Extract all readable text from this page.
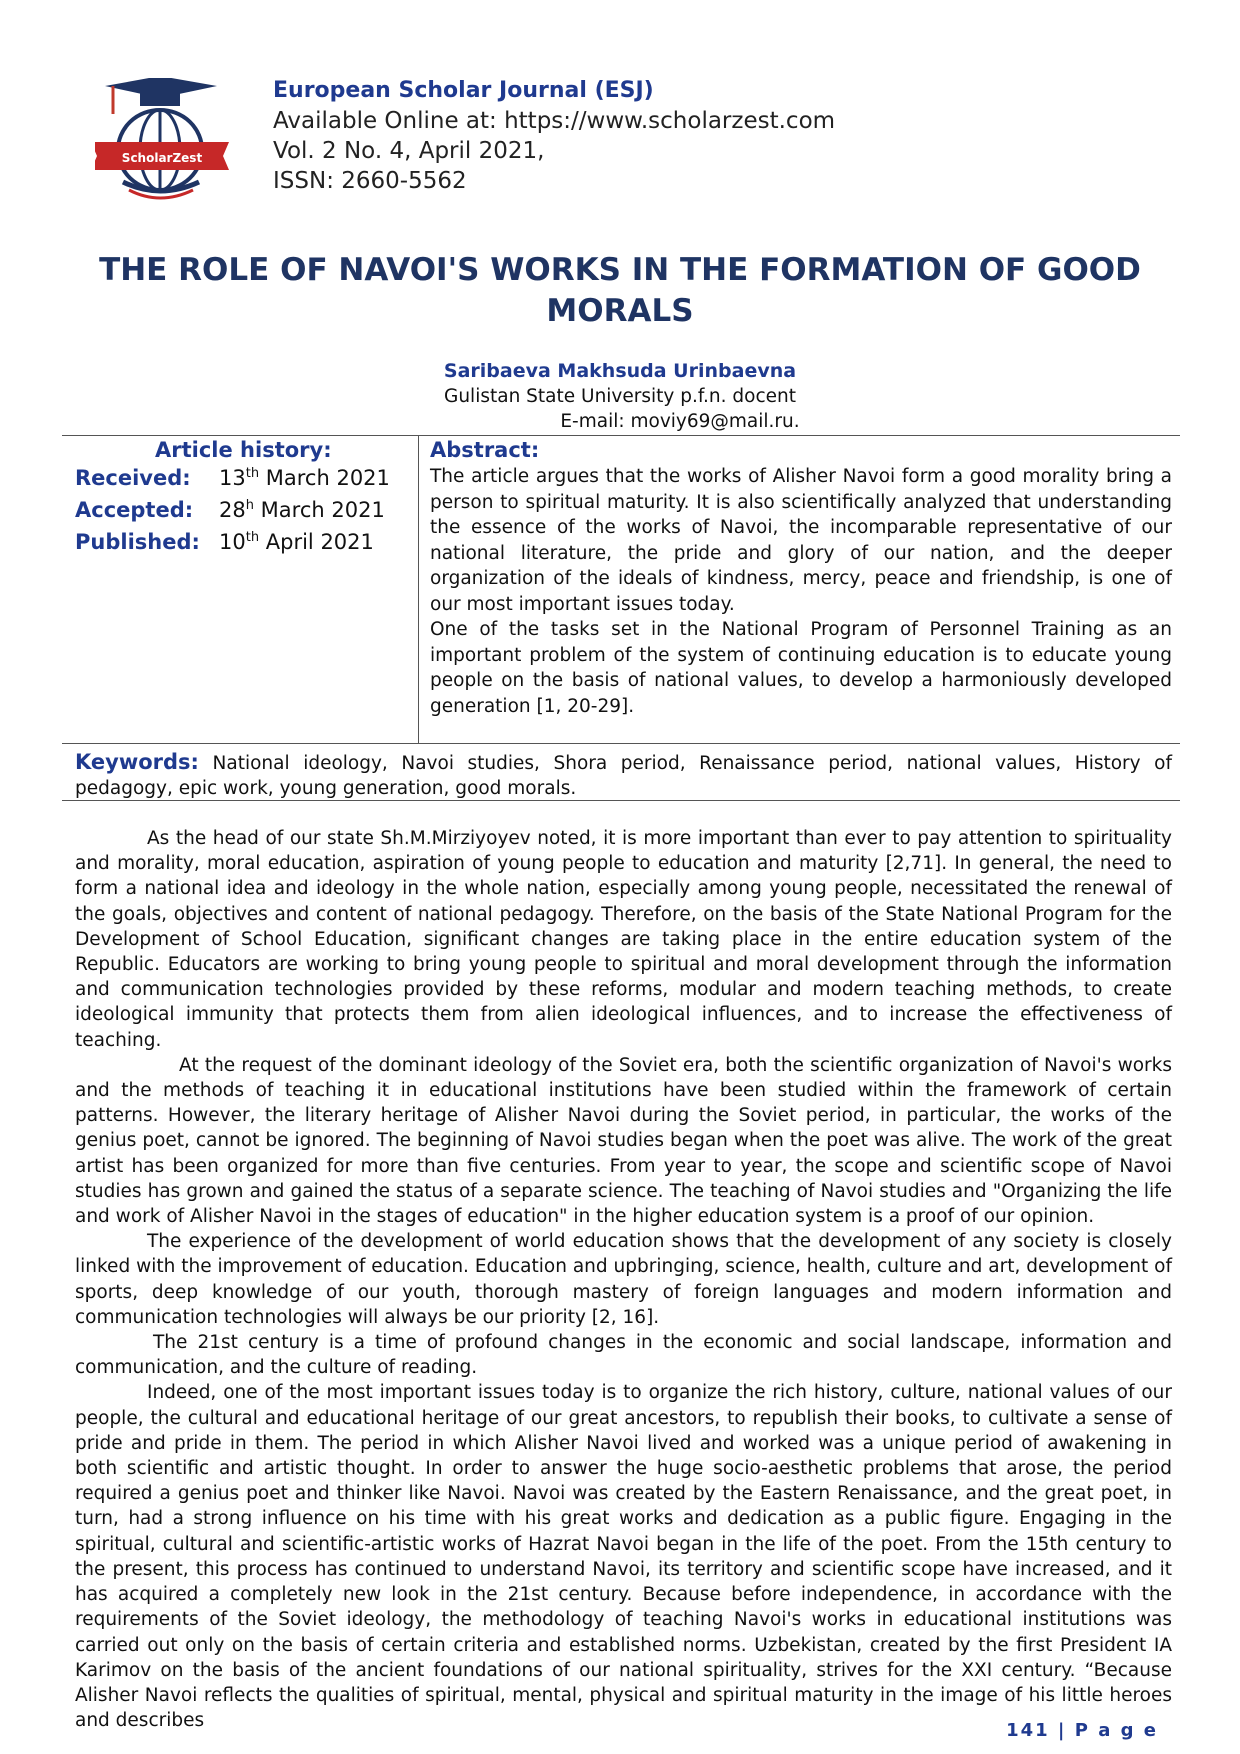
ScholarZest
European Scholar Journal (ESJ)
Available Online at: https://www.scholarzest.com
Vol. 2 No. 4, April 2021,
ISSN: 2660-5562
THE ROLE OF NAVOI'S WORKS IN THE FORMATION OF GOOD MORALS
Saribaeva Makhsuda Urinbaevna
Gulistan State University p.f.n. docent
E-mail: moviy69@mail.ru.
Article history:
Received: 13th March 2021
Accepted: 28$^h$ March 2021
Published: 10th April 2021
Abstract:

The article argues that the works of Alisher Navoi form a good morality bring a person to spiritual maturity. It is also scientifically analyzed that understanding the essence of the works of Navoi, the incomparable representative of our national literature, the pride and glory of our nation, and the deeper organization of the ideals of kindness, mercy, peace and friendship, is one of our most important issues today.

One of the tasks set in the National Program of Personnel Training as an important problem of the system of continuing education is to educate young people on the basis of national values, to develop a harmoniously developed generation [1, 20-29].

Keywords: National ideology, Navoi studies, Shora period, Renaissance period, national values, History of pedagogy, epic work, young generation, good morals.

As the head of our state Sh.M.Mirziyoyev noted, it is more important than ever to pay attention to spirituality and morality, moral education, aspiration of young people to education and maturity [2,71]. In general, the need to form a national idea and ideology in the whole nation, especially among young people, necessitated the renewal of the goals, objectives and content of national pedagogy. Therefore, on the basis of the State National Program for the Development of School Education, significant changes are taking place in the entire education system of the Republic. Educators are working to bring young people to spiritual and moral development through the information and communication technologies provided by these reforms, modular and modern teaching methods, to create ideological immunity that protects them from alien ideological influences, and to increase the effectiveness of teaching.

At the request of the dominant ideology of the Soviet era, both the scientific organization of Navoi's works and the methods of teaching it in educational institutions have been studied within the framework of certain patterns. However, the literary heritage of Alisher Navoi during the Soviet period, in particular, the works of the genius poet, cannot be ignored. The beginning of Navoi studies began when the poet was alive. The work of the great artist has been organized for more than five centuries. From year to year, the scope and scientific scope of Navoi studies has grown and gained the status of a separate science. The teaching of Navoi studies and "Organizing the life and work of Alisher Navoi in the stages of education" in the higher education system is a proof of our opinion.

The experience of the development of world education shows that the development of any society is closely linked with the improvement of education. Education and upbringing, science, health, culture and art, development of sports, deep knowledge of our youth, thorough mastery of foreign languages and modern information and communication technologies will always be our priority [2, 16].

The 21st century is a time of profound changes in the economic and social landscape, information and communication, and the culture of reading.

Indeed, one of the most important issues today is to organize the rich history, culture, national values of our people, the cultural and educational heritage of our great ancestors, to republish their books, to cultivate a sense of pride and pride in them. The period in which Alisher Navoi lived and worked was a unique period of awakening in both scientific and artistic thought. In order to answer the huge socio-aesthetic problems that arose, the period required a genius poet and thinker like Navoi. Navoi was created by the Eastern Renaissance, and the great poet, in turn, had a strong influence on his time with his great works and dedication as a public figure. Engaging in the spiritual, cultural and scientific-artistic works of Hazrat Navoi began in the life of the poet. From the 15th century to the present, this process has continued to understand Navoi, its territory and scientific scope have increased, and it has acquired a completely new look in the 21st century. Because before independence, in accordance with the requirements of the Soviet ideology, the methodology of teaching Navoi's works in educational institutions was carried out only on the basis of certain criteria and established norms. Uzbekistan, created by the first President IA Karimov on the basis of the ancient foundations of our national spirituality, strives for the XXI century. “Because Alisher Navoi reflects the qualities of spiritual, mental, physical and spiritual maturity in the image of his little heroes and describes	141 | P a g e
